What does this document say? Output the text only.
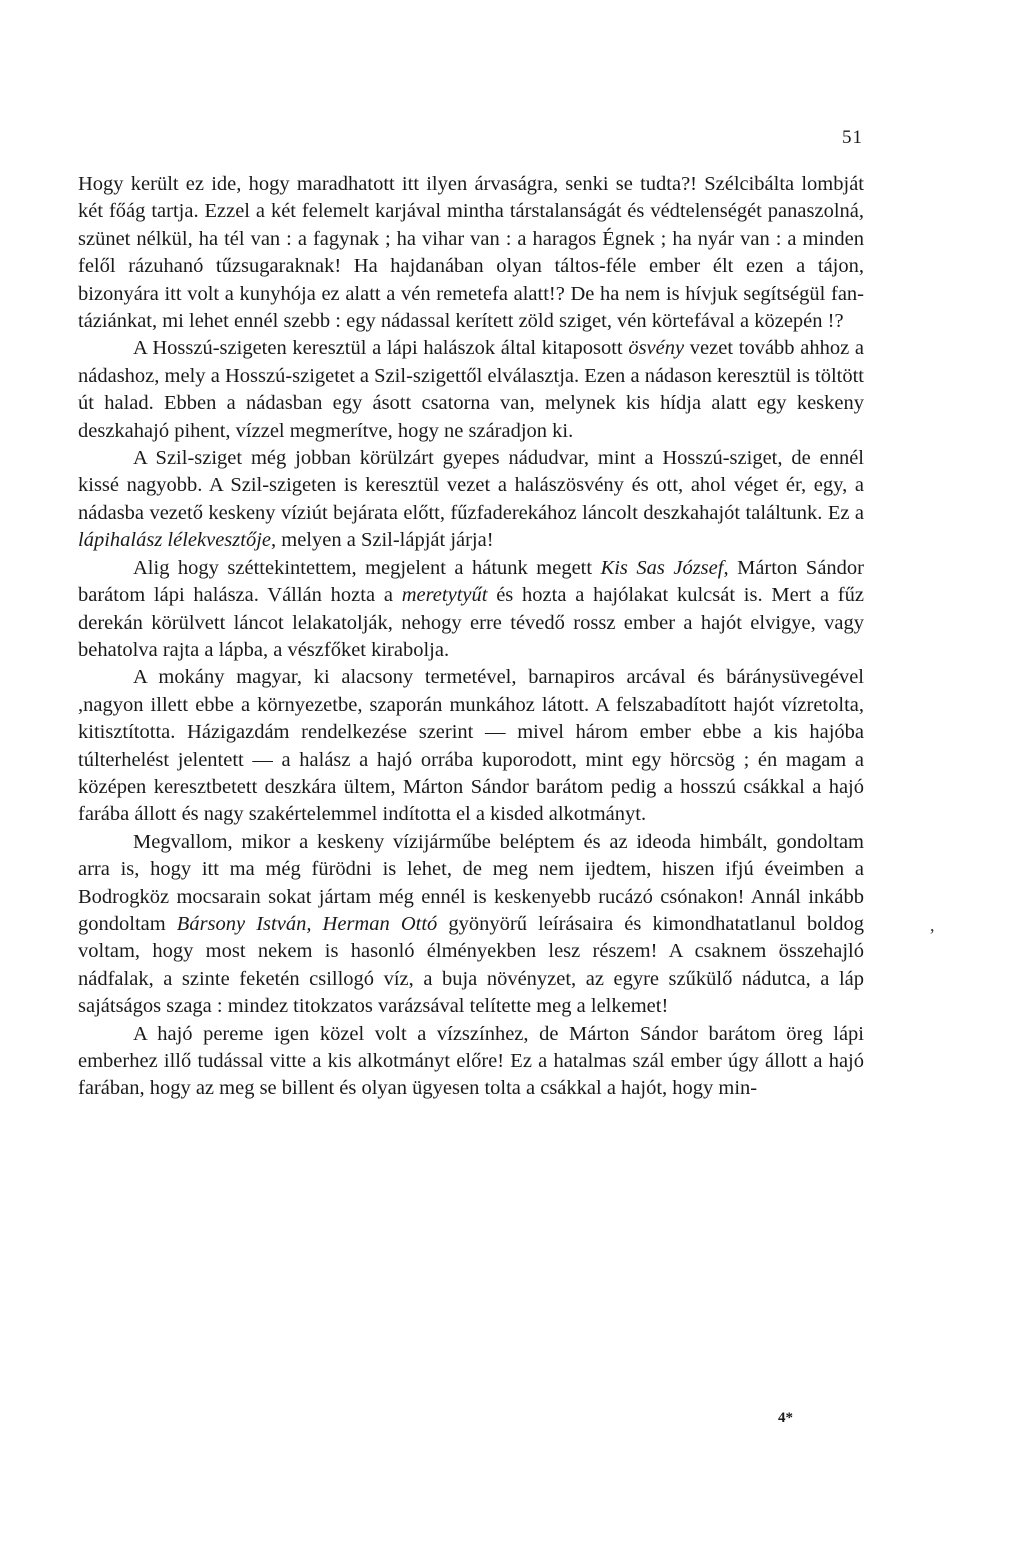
51

Hogy került ez ide, hogy maradhatott itt ilyen árvaságra, senki se tudta?! Szélcibálta lombját két főág tartja. Ezzel a két felemelt karjával mintha társtalanságát és védtelenségét panaszolná, szünet nélkül, ha tél van : a fagynak ; ha vihar van : a haragos Égnek ; ha nyár van : a minden felől rázuhanó tűzsugaraknak! Ha hajdanában olyan táltos-féle ember élt ezen a tájon, bizonyára itt volt a kunyhója ez alatt a vén remetefa alatt!? De ha nem is hívjuk segítségül fantáziánkat, mi lehet ennél szebb : egy nádassal kerített zöld sziget, vén körtefával a közepén !?

A Hosszú-szigeten keresztül a lápi halászok által kitaposott ösvény vezet tovább ahhoz a nádashoz, mely a Hosszú-szigetet a Szil-szigettől elválasztja. Ezen a nádason keresztül is töltött út halad. Ebben a nádasban egy ásott csatorna van, melynek kis hídja alatt egy keskeny deszkahajó pihent, vízzel megmerítve, hogy ne száradjon ki.

A Szil-sziget még jobban körülzárt gyepes nádudvar, mint a Hosszú-sziget, de ennél kissé nagyobb. A Szil-szigeten is keresztül vezet a halászösvény és ott, ahol véget ér, egy, a nádasba vezető keskeny víziút bejárata előtt, fűzfaderekához láncolt deszkahajót találtunk. Ez a lápihalász lélekvesztője, melyen a Szil-lápját járja!

Alig hogy széttekintettem, megjelent a hátunk megett Kis Sas József, Márton Sándor barátom lápi halásza. Vállán hozta a meretytyűt és hozta a hajólakat kulcsát is. Mert a fűz derekán körülvett láncot lelakatolják, nehogy erre tévedő rossz ember a hajót elvigye, vagy behatolva rajta a lápba, a vészfőket kirabolja.

A mokány magyar, ki alacsony termetével, barnapiros arcával és báránysüvegével ,nagyon illett ebbe a környezetbe, szaporán munkához látott. A felszabadított hajót vízretolta, kitisztította. Házigazdám rendelkezése szerint — mivel három ember ebbe a kis hajóba túlterhelést jelentett — a halász a hajó orrába kuporodott, mint egy hörcsög ; én magam a középen keresztbetett deszkára ültem, Márton Sándor barátom pedig a hosszú csákkal a hajó farába állott és nagy szakértelemmel indította el a kisded alkotmányt.

Megvallom, mikor a keskeny vízijárműbe beléptem és az ideoda himbált, gondoltam arra is, hogy itt ma még fürödni is lehet, de meg nem ijedtem, hiszen ifjú éveimben a Bodrogköz mocsarain sokat jártam még ennél is keskenyebb rucázó csónakon! Annál inkább gondoltam Bársony István, Herman Ottó gyönyörű leírásaira és kimondhatatlanul boldog voltam, hogy most nekem is hasonló élményekben lesz részem! A csaknem összehajló nádfalak, a szinte feketén csillogó víz, a buja növényzet, az egyre szűkülő nádutca, a láp sajátságos szaga : mindez titokzatos varázsával telítette meg a lelkemet!

A hajó pereme igen közel volt a vízszínhez, de Márton Sándor barátom öreg lápi emberhez illő tudással vitte a kis alkotmányt előre! Ez a hatalmas szál ember úgy állott a hajó farában, hogy az meg se billent és olyan ügyesen tolta a csákkal a hajót, hogy min-

,
4*
